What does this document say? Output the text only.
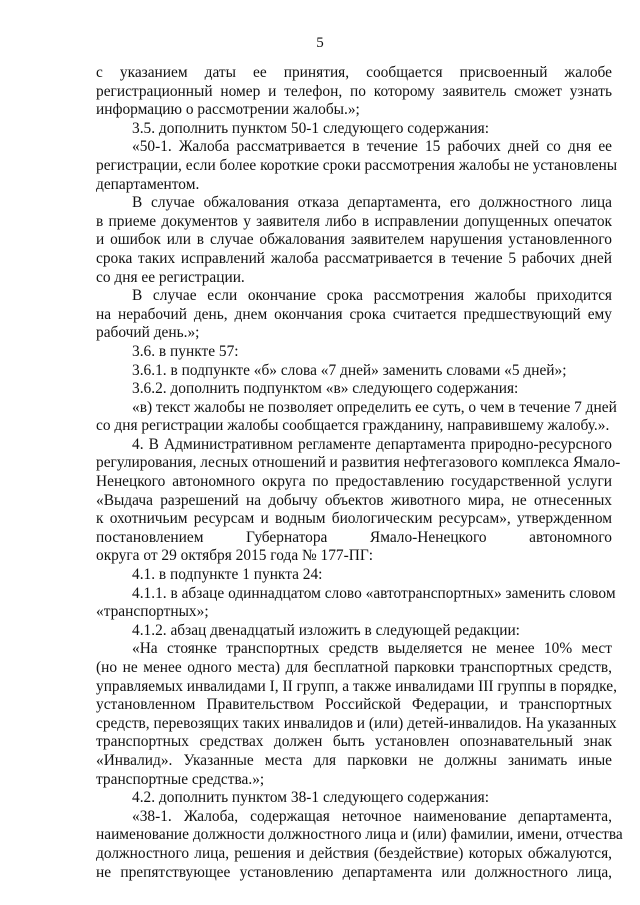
5
с указанием даты ее принятия, сообщается присвоенный жалобе
регистрационный номер и телефон, по которому заявитель сможет узнать
информацию о рассмотрении жалобы.»;
3.5. дополнить пунктом 50-1 следующего содержания:
«50-1. Жалоба рассматривается в течение 15 рабочих дней со дня ее
регистрации, если более короткие сроки рассмотрения жалобы не установлены
департаментом.
В случае обжалования отказа департамента, его должностного лица
в приеме документов у заявителя либо в исправлении допущенных опечаток
и ошибок или в случае обжалования заявителем нарушения установленного
срока таких исправлений жалоба рассматривается в течение 5 рабочих дней
со дня ее регистрации.
В случае если окончание срока рассмотрения жалобы приходится
на нерабочий день, днем окончания срока считается предшествующий ему
рабочий день.»;
3.6. в пункте 57:
3.6.1. в подпункте «б» слова «7 дней» заменить словами «5 дней»;
3.6.2. дополнить подпунктом «в» следующего содержания:
«в) текст жалобы не позволяет определить ее суть, о чем в течение 7 дней
со дня регистрации жалобы сообщается гражданину, направившему жалобу.».
4. В Административном регламенте департамента природно-ресурсного
регулирования, лесных отношений и развития нефтегазового комплекса Ямало-
Ненецкого автономного округа по предоставлению государственной услуги
«Выдача разрешений на добычу объектов животного мира, не отнесенных
к охотничьим ресурсам и водным биологическим ресурсам», утвержденном
постановлением Губернатора Ямало-Ненецкого автономного
округа от 29 октября 2015 года № 177-ПГ:
4.1. в подпункте 1 пункта 24:
4.1.1. в абзаце одиннадцатом слово «автотранспортных» заменить словом
«транспортных»;
4.1.2. абзац двенадцатый изложить в следующей редакции:
«На стоянке транспортных средств выделяется не менее 10% мест
(но не менее одного места) для бесплатной парковки транспортных средств,
управляемых инвалидами I, II групп, а также инвалидами III группы в порядке,
установленном Правительством Российской Федерации, и транспортных
средств, перевозящих таких инвалидов и (или) детей-инвалидов. На указанных
транспортных средствах должен быть установлен опознавательный знак
«Инвалид». Указанные места для парковки не должны занимать иные
транспортные средства.»;
4.2. дополнить пунктом 38-1 следующего содержания:
«38-1. Жалоба, содержащая неточное наименование департамента,
наименование должности должностного лица и (или) фамилии, имени, отчества
должностного лица, решения и действия (бездействие) которых обжалуются,
не препятствующее установлению департамента или должностного лица,
